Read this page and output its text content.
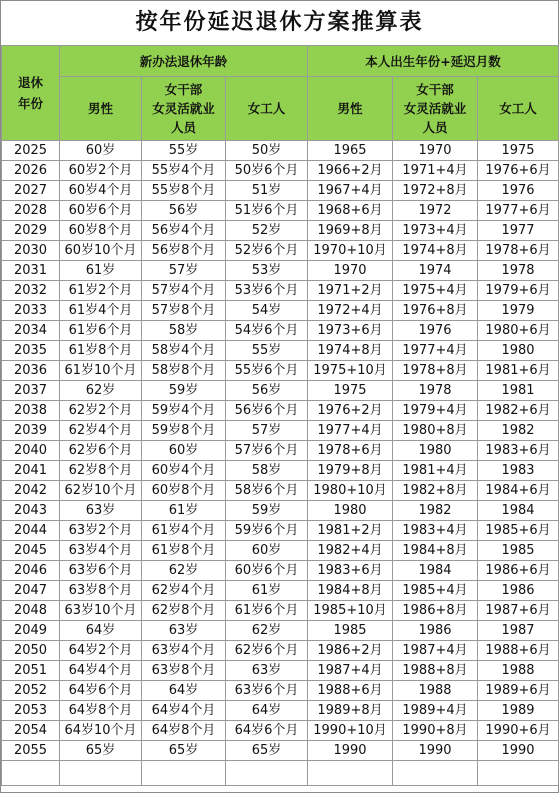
按年份延迟退休方案推算表
退休
年份	新办法退休年龄			本人出生年份+延迟月数		
	男性	女干部
女灵活就业
人员	女工人	男性	女干部
女灵活就业
人员	女工人
2025	60岁	55岁	50岁	1965	1970	1975
2026	60岁2个月	55岁4个月	50岁6个月	1966+2月	1971+4月	1976+6月
2027	60岁4个月	55岁8个月	51岁	1967+4月	1972+8月	1976
2028	60岁6个月	56岁	51岁6个月	1968+6月	1972	1977+6月
2029	60岁8个月	56岁4个月	52岁	1969+8月	1973+4月	1977
2030	60岁10个月	56岁8个月	52岁6个月	1970+10月	1974+8月	1978+6月
2031	61岁	57岁	53岁	1970	1974	1978
2032	61岁2个月	57岁4个月	53岁6个月	1971+2月	1975+4月	1979+6月
2033	61岁4个月	57岁8个月	54岁	1972+4月	1976+8月	1979
2034	61岁6个月	58岁	54岁6个月	1973+6月	1976	1980+6月
2035	61岁8个月	58岁4个月	55岁	1974+8月	1977+4月	1980
2036	61岁10个月	58岁8个月	55岁6个月	1975+10月	1978+8月	1981+6月
2037	62岁	59岁	56岁	1975	1978	1981
2038	62岁2个月	59岁4个月	56岁6个月	1976+2月	1979+4月	1982+6月
2039	62岁4个月	59岁8个月	57岁	1977+4月	1980+8月	1982
2040	62岁6个月	60岁	57岁6个月	1978+6月	1980	1983+6月
2041	62岁8个月	60岁4个月	58岁	1979+8月	1981+4月	1983
2042	62岁10个月	60岁8个月	58岁6个月	1980+10月	1982+8月	1984+6月
2043	63岁	61岁	59岁	1980	1982	1984
2044	63岁2个月	61岁4个月	59岁6个月	1981+2月	1983+4月	1985+6月
2045	63岁4个月	61岁8个月	60岁	1982+4月	1984+8月	1985
2046	63岁6个月	62岁	60岁6个月	1983+6月	1984	1986+6月
2047	63岁8个月	62岁4个月	61岁	1984+8月	1985+4月	1986
2048	63岁10个月	62岁8个月	61岁6个月	1985+10月	1986+8月	1987+6月
2049	64岁	63岁	62岁	1985	1986	1987
2050	64岁2个月	63岁4个月	62岁6个月	1986+2月	1987+4月	1988+6月
2051	64岁4个月	63岁8个月	63岁	1987+4月	1988+8月	1988
2052	64岁6个月	64岁	63岁6个月	1988+6月	1988	1989+6月
2053	64岁8个月	64岁4个月	64岁	1989+8月	1989+4月	1989
2054	64岁10个月	64岁8个月	64岁6个月	1990+10月	1990+8月	1990+6月
2055	65岁	65岁	65岁	1990	1990	1990
